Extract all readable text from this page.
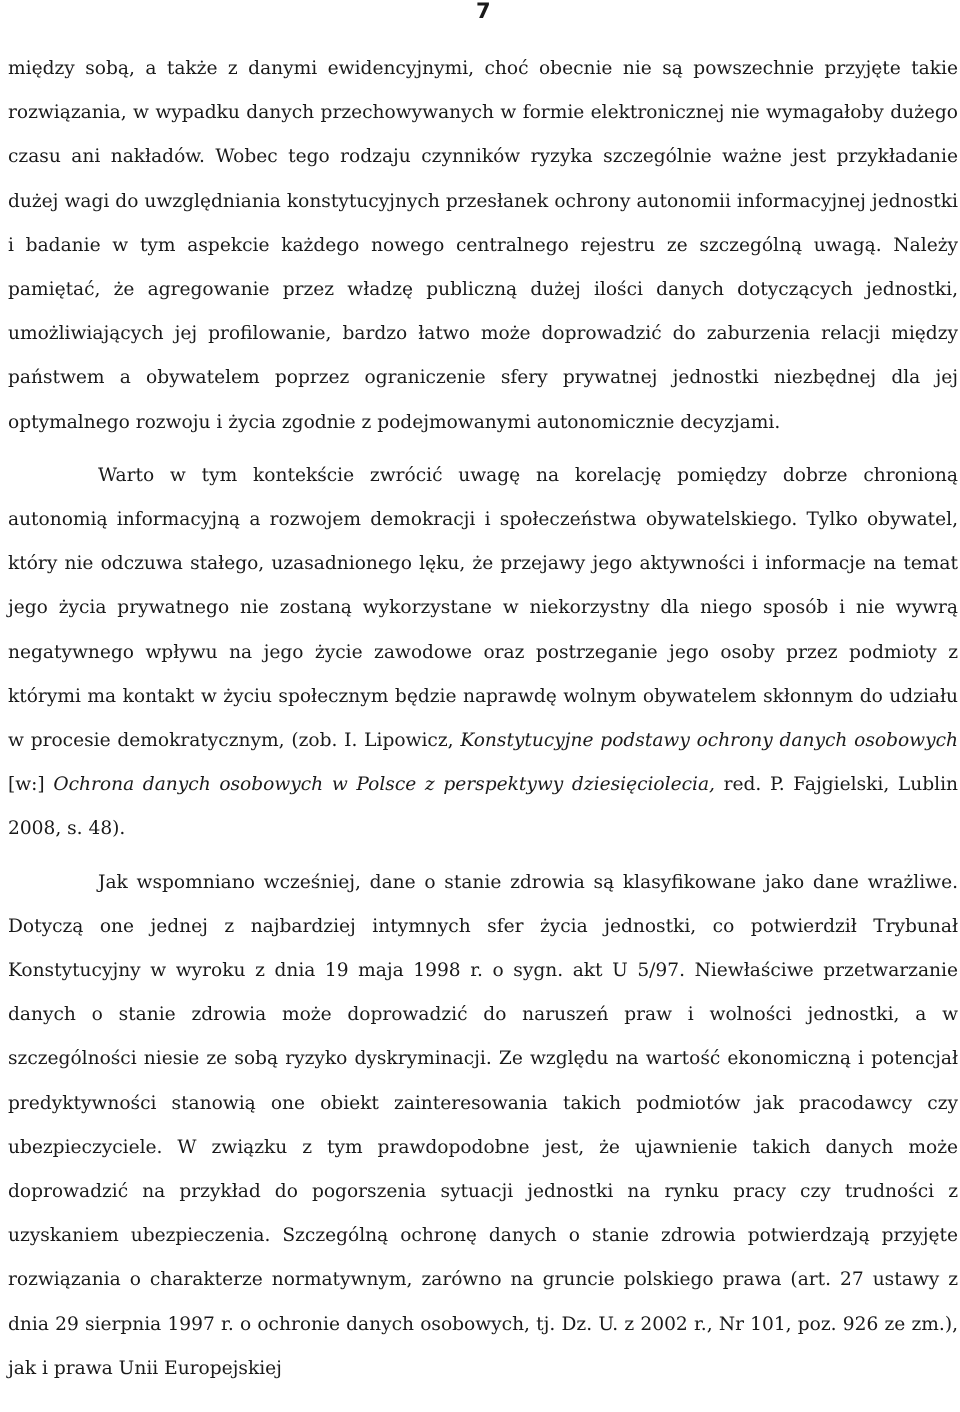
7

między sobą, a także z danymi ewidencyjnymi, choć obecnie nie są powszechnie przyjęte takie rozwiązania, w wypadku danych przechowywanych w formie elektronicznej nie wymagałoby dużego czasu ani nakładów. Wobec tego rodzaju czynników ryzyka szczególnie ważne jest przykładanie dużej wagi do uwzględniania konstytucyjnych przesłanek ochrony autonomii informacyjnej jednostki i badanie w tym aspekcie każdego nowego centralnego rejestru ze szczególną uwagą. Należy pamiętać, że agregowanie przez władzę publiczną dużej ilości danych dotyczących jednostki, umożliwiających jej profilowanie, bardzo łatwo może doprowadzić do zaburzenia relacji między państwem a obywatelem poprzez ograniczenie sfery prywatnej jednostki niezbędnej dla jej optymalnego rozwoju i życia zgodnie z podejmowanymi autonomicznie decyzjami.

Warto w tym kontekście zwrócić uwagę na korelację pomiędzy dobrze chronioną autonomią informacyjną a rozwojem demokracji i społeczeństwa obywatelskiego. Tylko obywatel, który nie odczuwa stałego, uzasadnionego lęku, że przejawy jego aktywności i informacje na temat jego życia prywatnego nie zostaną wykorzystane w niekorzystny dla niego sposób i nie wywrą negatywnego wpływu na jego życie zawodowe oraz postrzeganie jego osoby przez podmioty z którymi ma kontakt w życiu społecznym będzie naprawdę wolnym obywatelem skłonnym do udziału w procesie demokratycznym, (zob. I. Lipowicz, Konstytucyjne podstawy ochrony danych osobowych [w:] Ochrona danych osobowych w Polsce z perspektywy dziesięciolecia, red. P. Fajgielski, Lublin 2008, s. 48).

Jak wspomniano wcześniej, dane o stanie zdrowia są klasyfikowane jako dane wrażliwe. Dotyczą one jednej z najbardziej intymnych sfer życia jednostki, co potwierdził Trybunał Konstytucyjny w wyroku z dnia 19 maja 1998 r. o sygn. akt U 5/97. Niewłaściwe przetwarzanie danych o stanie zdrowia może doprowadzić do naruszeń praw i wolności jednostki, a w szczególności niesie ze sobą ryzyko dyskryminacji. Ze względu na wartość ekonomiczną i potencjał predyktywności stanowią one obiekt zainteresowania takich podmiotów jak pracodawcy czy ubezpieczyciele. W związku z tym prawdopodobne jest, że ujawnienie takich danych może doprowadzić na przykład do pogorszenia sytuacji jednostki na rynku pracy czy trudności z uzyskaniem ubezpieczenia. Szczególną ochronę danych o stanie zdrowia potwierdzają przyjęte rozwiązania o charakterze normatywnym, zarówno na gruncie polskiego prawa (art. 27 ustawy z dnia 29 sierpnia 1997 r. o ochronie danych osobowych, tj. Dz. U. z 2002 r., Nr 101, poz. 926 ze zm.), jak i prawa Unii Europejskiej
